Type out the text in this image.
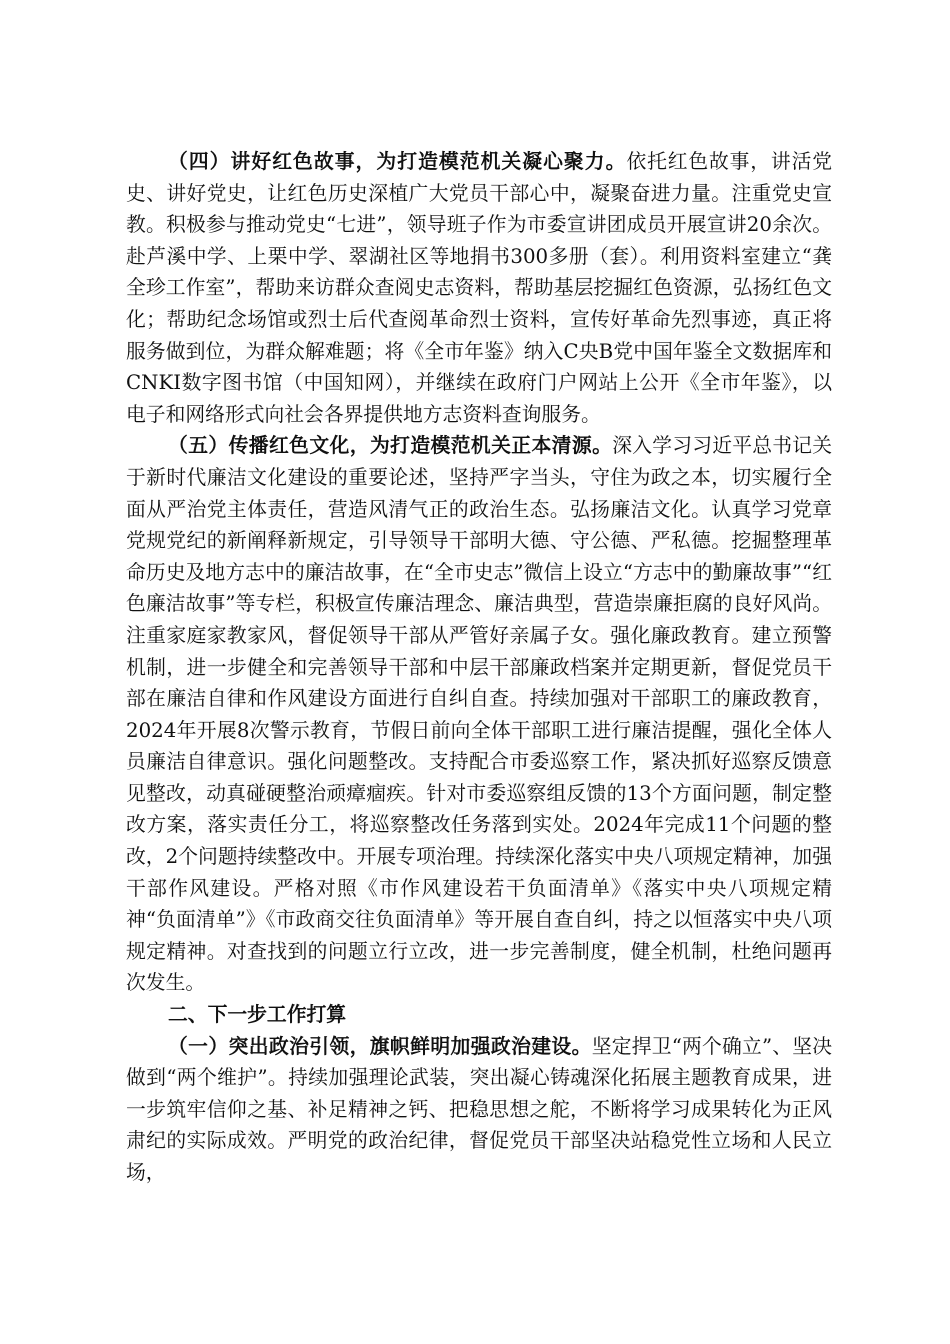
（四）讲好红色故事，为打造模范机关凝心聚力。依托红色故事，讲活党史、讲好党史，让红色历史深植广大党员干部心中，凝聚奋进力量。注重党史宣教。积极参与推动党史“七进”，领导班子作为市委宣讲团成员开展宣讲20余次。赴芦溪中学、上栗中学、翠湖社区等地捐书300多册（套）。利用资料室建立“龚全珍工作室”，帮助来访群众查阅史志资料，帮助基层挖掘红色资源，弘扬红色文化；帮助纪念场馆或烈士后代查阅革命烈士资料，宣传好革命先烈事迹，真正将服务做到位，为群众解难题；将《全市年鉴》纳入C央B党中国年鉴全文数据库和CNKI数字图书馆（中国知网），并继续在政府门户网站上公开《全市年鉴》，以电子和网络形式向社会各界提供地方志资料查询服务。

（五）传播红色文化，为打造模范机关正本清源。深入学习习近平总书记关于新时代廉洁文化建设的重要论述，坚持严字当头，守住为政之本，切实履行全面从严治党主体责任，营造风清气正的政治生态。弘扬廉洁文化。认真学习党章党规党纪的新阐释新规定，引导领导干部明大德、守公德、严私德。挖掘整理革命历史及地方志中的廉洁故事，在“全市史志”微信上设立“方志中的勤廉故事”“红色廉洁故事”等专栏，积极宣传廉洁理念、廉洁典型，营造崇廉拒腐的良好风尚。注重家庭家教家风，督促领导干部从严管好亲属子女。强化廉政教育。建立预警机制，进一步健全和完善领导干部和中层干部廉政档案并定期更新，督促党员干部在廉洁自律和作风建设方面进行自纠自查。持续加强对干部职工的廉政教育，2024年开展8次警示教育，节假日前向全体干部职工进行廉洁提醒，强化全体人员廉洁自律意识。强化问题整改。支持配合市委巡察工作，紧决抓好巡察反馈意见整改，动真碰硬整治顽瘴痼疾。针对市委巡察组反馈的13个方面问题，制定整改方案，落实责任分工，将巡察整改任务落到实处。2024年完成11个问题的整改，2个问题持续整改中。开展专项治理。持续深化落实中央八项规定精神，加强干部作风建设。严格对照《市作风建设若干负面清单》《落实中央八项规定精神“负面清单”》《市政商交往负面清单》等开展自查自纠，持之以恒落实中央八项规定精神。对查找到的问题立行立改，进一步完善制度，健全机制，杜绝问题再次发生。

二、下一步工作打算

（一）突出政治引领，旗帜鲜明加强政治建设。坚定捍卫“两个确立”、坚决做到“两个维护”。持续加强理论武装，突出凝心铸魂深化拓展主题教育成果，进一步筑牢信仰之基、补足精神之钙、把稳思想之舵，不断将学习成果转化为正风肃纪的实际成效。严明党的政治纪律，督促党员干部坚决站稳党性立场和人民立场，
